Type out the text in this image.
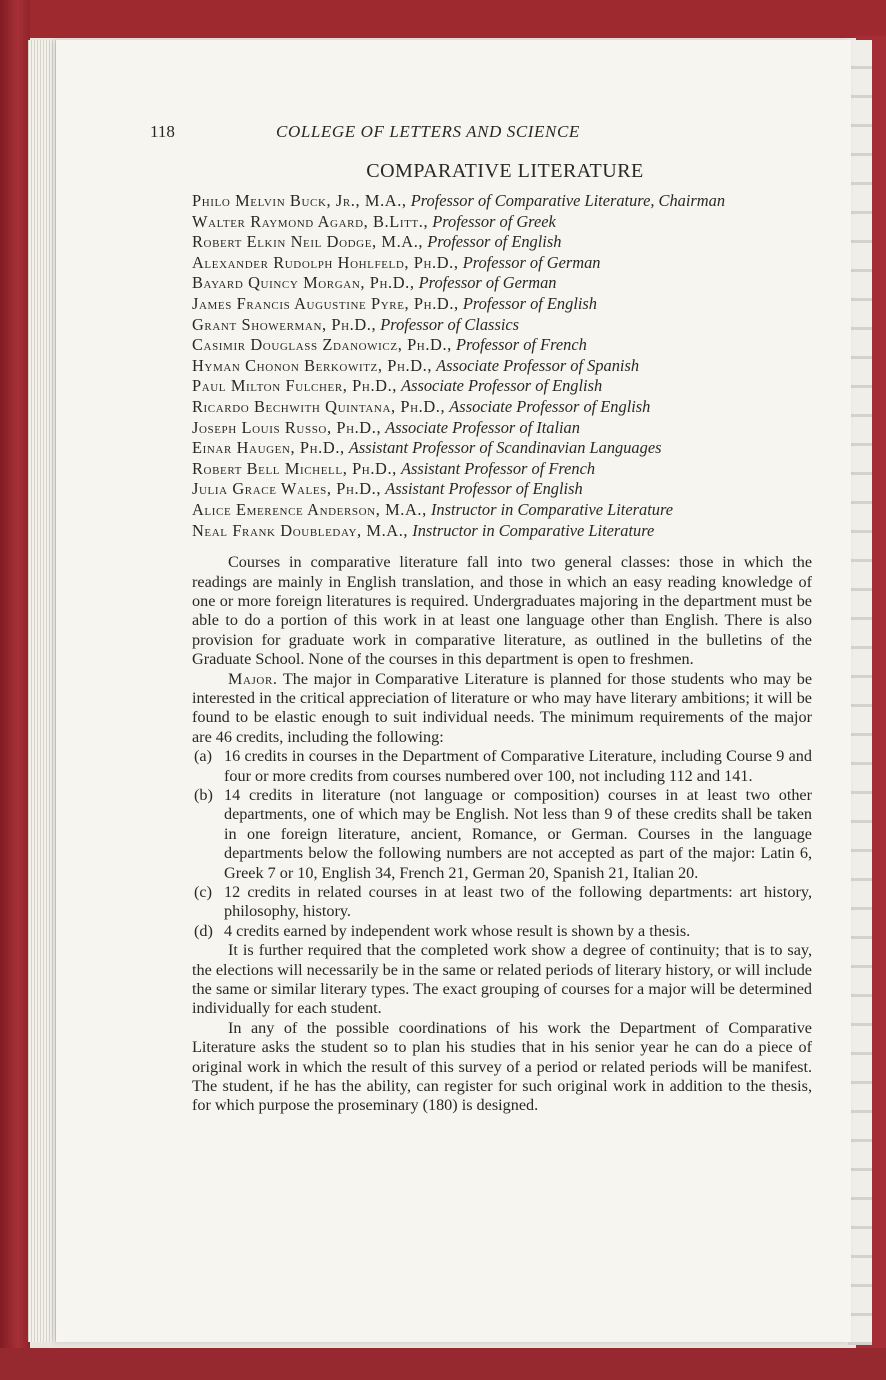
118	COLLEGE OF LETTERS AND SCIENCE
COMPARATIVE LITERATURE
Philo Melvin Buck, Jr., M.A., Professor of Comparative Literature, Chairman
Walter Raymond Agard, B.Litt., Professor of Greek
Robert Elkin Neil Dodge, M.A., Professor of English
Alexander Rudolph Hohlfeld, Ph.D., Professor of German
Bayard Quincy Morgan, Ph.D., Professor of German
James Francis Augustine Pyre, Ph.D., Professor of English
Grant Showerman, Ph.D., Professor of Classics
Casimir Douglass Zdanowicz, Ph.D., Professor of French
Hyman Chonon Berkowitz, Ph.D., Associate Professor of Spanish
Paul Milton Fulcher, Ph.D., Associate Professor of English
Ricardo Bechwith Quintana, Ph.D., Associate Professor of English
Joseph Louis Russo, Ph.D., Associate Professor of Italian
Einar Haugen, Ph.D., Assistant Professor of Scandinavian Languages
Robert Bell Michell, Ph.D., Assistant Professor of French
Julia Grace Wales, Ph.D., Assistant Professor of English
Alice Emerence Anderson, M.A., Instructor in Comparative Literature
Neal Frank Doubleday, M.A., Instructor in Comparative Literature

Courses in comparative literature fall into two general classes: those in which the readings are mainly in English translation, and those in which an easy reading knowledge of one or more foreign literatures is required. Undergraduates majoring in the department must be able to do a portion of this work in at least one language other than English. There is also provision for graduate work in comparative literature, as outlined in the bulletins of the Graduate School. None of the courses in this department is open to freshmen.

Major. The major in Comparative Literature is planned for those students who may be interested in the critical appreciation of literature or who may have literary ambitions; it will be found to be elastic enough to suit individual needs. The minimum requirements of the major are 46 credits, including the following:

(a) 16 credits in courses in the Department of Comparative Literature, including Course 9 and four or more credits from courses numbered over 100, not including 112 and 141.
(b) 14 credits in literature (not language or composition) courses in at least two other departments, one of which may be English. Not less than 9 of these credits shall be taken in one foreign literature, ancient, Romance, or German. Courses in the language departments below the following numbers are not accepted as part of the major: Latin 6, Greek 7 or 10, English 34, French 21, German 20, Spanish 21, Italian 20.
(c) 12 credits in related courses in at least two of the following departments: art history, philosophy, history.
(d) 4 credits earned by independent work whose result is shown by a thesis.

It is further required that the completed work show a degree of continuity; that is to say, the elections will necessarily be in the same or related periods of literary history, or will include the same or similar literary types. The exact grouping of courses for a major will be determined individually for each student.

In any of the possible coordinations of his work the Department of Comparative Literature asks the student so to plan his studies that in his senior year he can do a piece of original work in which the result of this survey of a period or related periods will be manifest. The student, if he has the ability, can register for such original work in addition to the thesis, for which purpose the proseminary (180) is designed.
